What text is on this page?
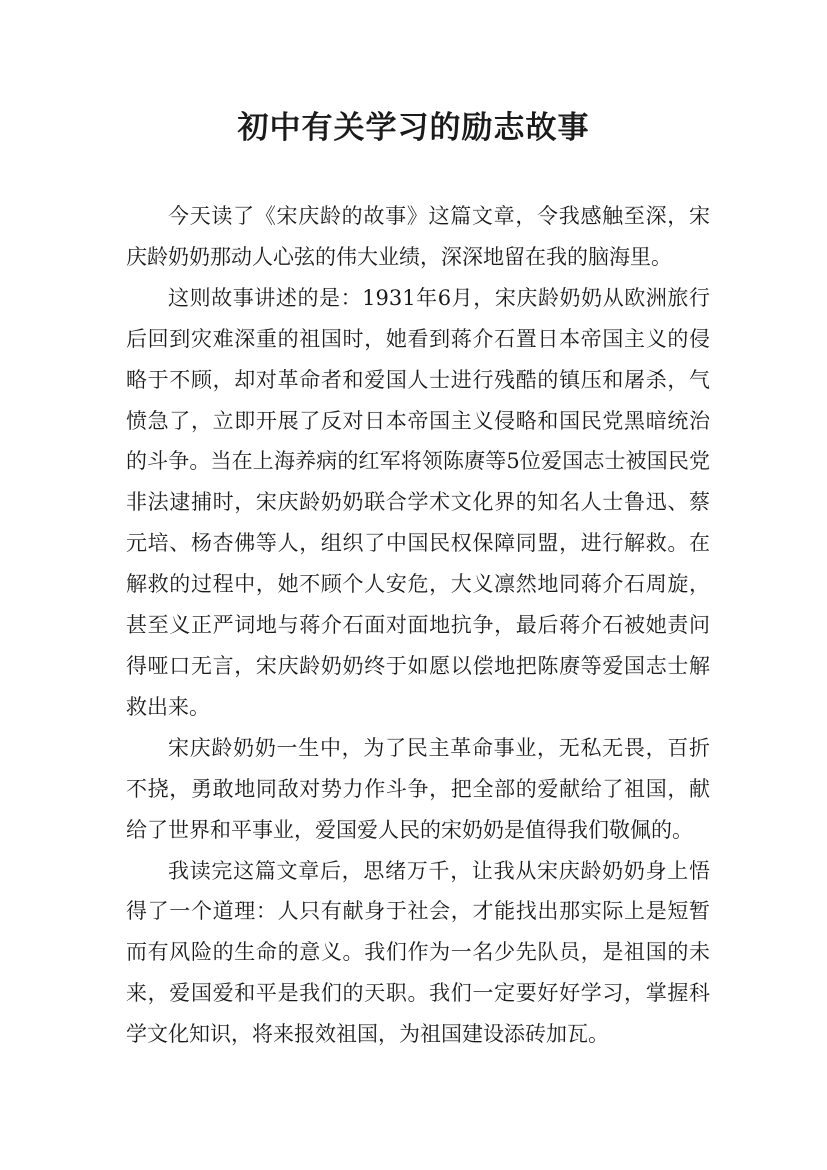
初中有关学习的励志故事

今天读了《宋庆龄的故事》这篇文章，令我感触至深，宋庆龄奶奶那动人心弦的伟大业绩，深深地留在我的脑海里。

这则故事讲述的是：1931年6月，宋庆龄奶奶从欧洲旅行后回到灾难深重的祖国时，她看到蒋介石置日本帝国主义的侵略于不顾，却对革命者和爱国人士进行残酷的镇压和屠杀，气愤急了，立即开展了反对日本帝国主义侵略和国民党黑暗统治的斗争。当在上海养病的红军将领陈赓等5位爱国志士被国民党非法逮捕时，宋庆龄奶奶联合学术文化界的知名人士鲁迅、蔡元培、杨杏佛等人，组织了中国民权保障同盟，进行解救。在解救的过程中，她不顾个人安危，大义凛然地同蒋介石周旋，甚至义正严词地与蒋介石面对面地抗争，最后蒋介石被她责问得哑口无言，宋庆龄奶奶终于如愿以偿地把陈赓等爱国志士解救出来。

宋庆龄奶奶一生中，为了民主革命事业，无私无畏，百折不挠，勇敢地同敌对势力作斗争，把全部的爱献给了祖国，献给了世界和平事业，爱国爱人民的宋奶奶是值得我们敬佩的。

我读完这篇文章后，思绪万千，让我从宋庆龄奶奶身上悟得了一个道理：人只有献身于社会，才能找出那实际上是短暂而有风险的生命的意义。我们作为一名少先队员，是祖国的未来，爱国爱和平是我们的天职。我们一定要好好学习，掌握科学文化知识，将来报效祖国，为祖国建设添砖加瓦。
